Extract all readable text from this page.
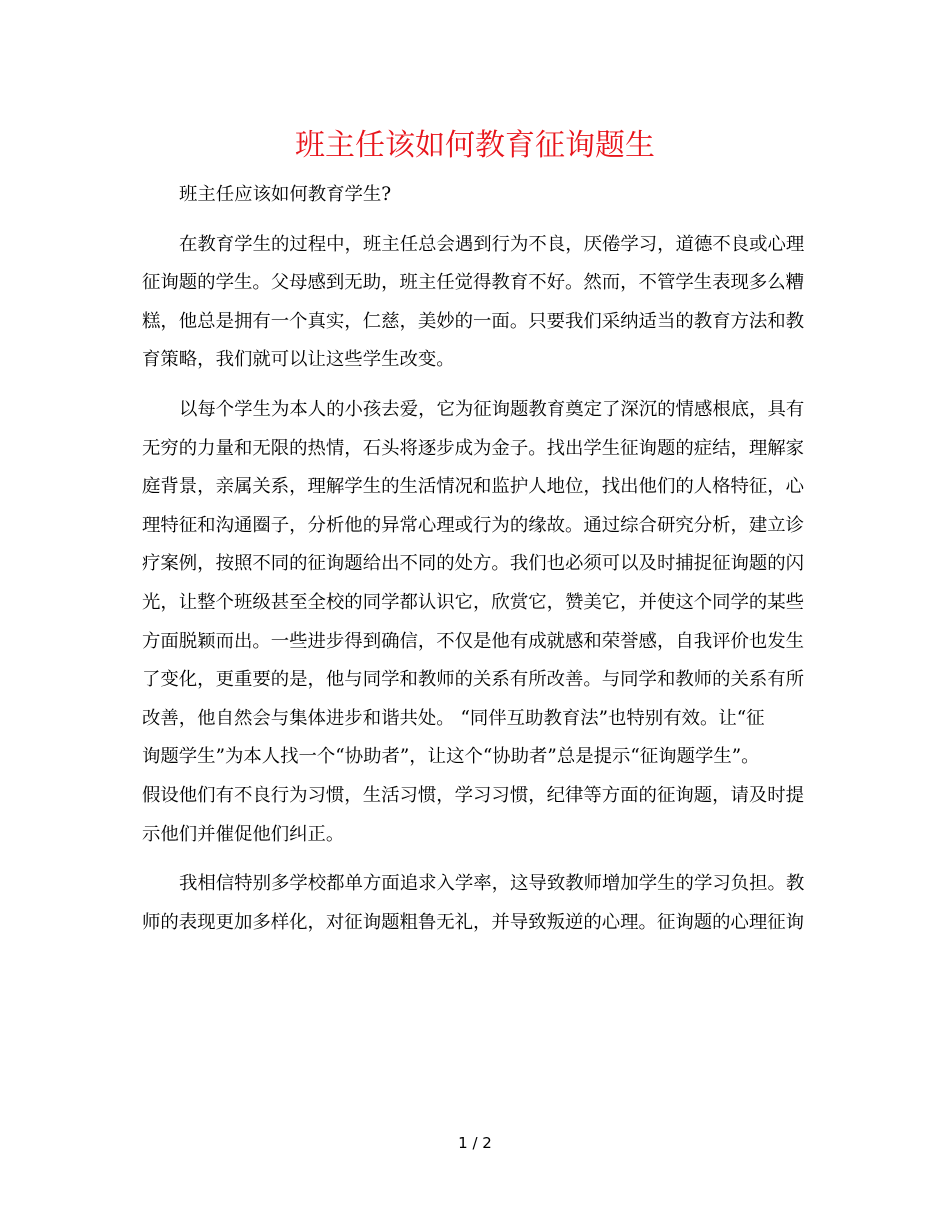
班主任该如何教育征询题生

班主任应该如何教育学生?

在教育学生的过程中，班主任总会遇到行为不良，厌倦学习，道德不良或心理
征询题的学生。父母感到无助，班主任觉得教育不好。然而，不管学生表现多么糟
糕，他总是拥有一个真实，仁慈，美妙的一面。只要我们采纳适当的教育方法和教
育策略，我们就可以让这些学生改变。

以每个学生为本人的小孩去爱，它为征询题教育奠定了深沉的情感根底，具有
无穷的力量和无限的热情，石头将逐步成为金子。找出学生征询题的症结，理解家
庭背景，亲属关系，理解学生的生活情况和监护人地位，找出他们的人格特征，心
理特征和沟通圈子，分析他的异常心理或行为的缘故。通过综合研究分析，建立诊
疗案例，按照不同的征询题给出不同的处方。我们也必须可以及时捕捉征询题的闪
光，让整个班级甚至全校的同学都认识它，欣赏它，赞美它，并使这个同学的某些
方面脱颖而出。一些进步得到确信，不仅是他有成就感和荣誉感，自我评价也发生
了变化，更重要的是，他与同学和教师的关系有所改善。与同学和教师的关系有所
改善，他自然会与集体进步和谐共处。 “同伴互助教育法”也特别有效。让“征
询题学生”为本人找一个“协助者”，让这个“协助者”总是提示“征询题学生”。
假设他们有不良行为习惯，生活习惯，学习习惯，纪律等方面的征询题，请及时提
示他们并催促他们纠正。

我相信特别多学校都单方面追求入学率，这导致教师增加学生的学习负担。教
师的表现更加多样化，对征询题粗鲁无礼，并导致叛逆的心理。征询题的心理征询

1 / 2
